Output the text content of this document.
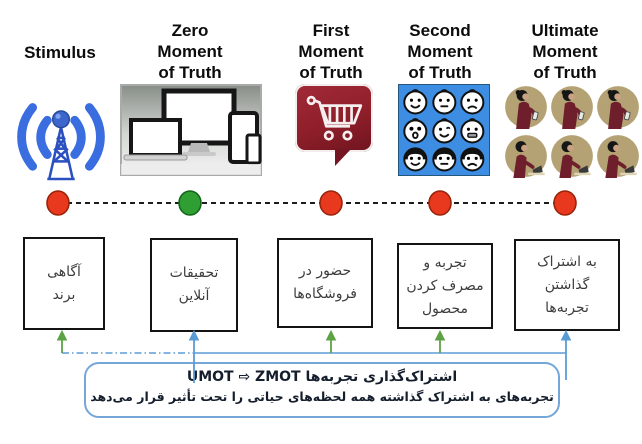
Stimulus
Zero
Moment
of Truth
First
Moment
of Truth
Second
Moment
of Truth
Ultimate
Moment
of Truth
آگاهی
برند
تحقیقات
آنلاین
حضور در
فروشگاه‌ها
تجربه و
مصرف کردن
محصول
به اشتراک
گذاشتن
تجربه‌ها
اشتراک‌گذاری تجربه‌ها UMOT ⇨ ZMOT
تجربه‌های به اشتراک گذاشته همه لحظه‌های حیاتی را تحت تأثیر قرار می‌دهد
